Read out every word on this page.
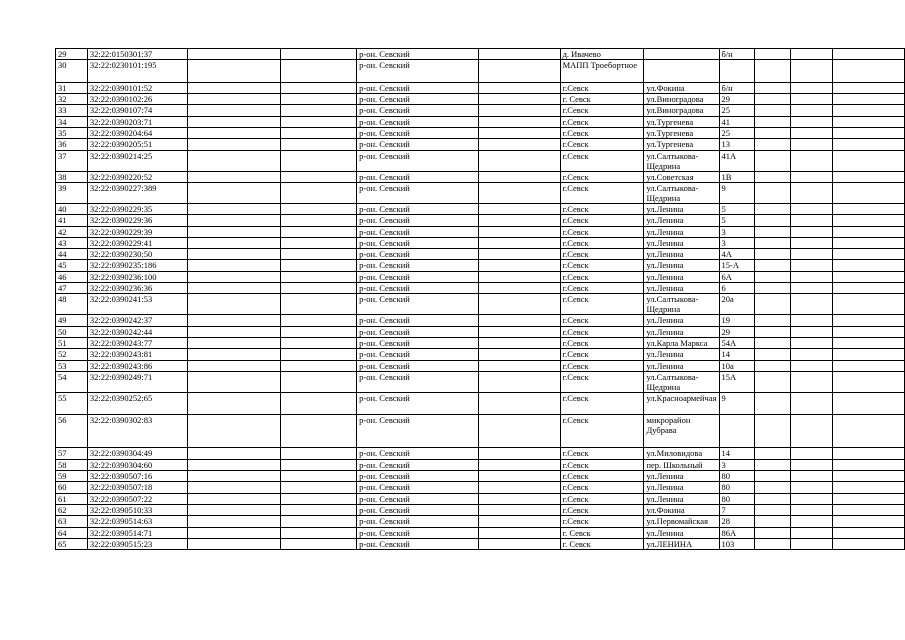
29	32:22:0150301:37			р-он. Севский		д. Ивачево		б/н			
30	32:22:0230101:195			р-он. Севский		МАПП Троебортное					
31	32:22:0390101:52			р-он. Севский		г.Севск	ул.Фокина	б/н			
32	32:22:0390102:26			р-он. Севский		г. Севск	ул.Виноградова	29			
33	32:22:0390107:74			р-он. Севский		г.Севск	ул.Виноградова	25			
34	32:22:0390203:71			р-он. Севский		г.Севск	ул.Тургенева	41			
35	32:22:0390204:64			р-он. Севский		г.Севск	ул.Тургенева	25			
36	32:22:0390205:51			р-он. Севский		г.Севск	ул.Тургенева	13			
37	32:22:0390214:25			р-он. Севский		г.Севск	ул.Салтыкова-Щедрина	41А			
38	32:22:0390220:52			р-он. Севский		г.Севск	ул.Советская	1В			
39	32:22:0390227:389			р-он. Севский		г.Севск	ул.Салтыкова-Щедрина	9			
40	32:22:0390229:35			р-он. Севский		г.Севск	ул.Ленина	5			
41	32:22:0390229:36			р-он. Севский		г.Севск	ул.Ленина	5			
42	32:22:0390229:39			р-он. Севский		г.Севск	ул.Ленина	3			
43	32:22:0390229:41			р-он. Севский		г.Севск	ул.Ленина	3			
44	32:22:0390230:50			р-он. Севский		г.Севск	ул.Ленина	4А			
45	32:22:0390235:186			р-он. Севский		г.Севск	ул.Ленина	15-А			
46	32:22:0390236:100			р-он. Севский		г.Севск	ул.Ленина	6А			
47	32:22:0390236:36			р-он. Севский		г.Севск	ул.Ленина	6			
48	32:22:0390241:53			р-он. Севский		г.Севск	ул.Салтыкова-Щедрина	20а			
49	32:22:0390242:37			р-он. Севский		г.Севск	ул.Ленина	19			
50	32:22:0390242:44			р-он. Севский		г.Севск	ул.Ленина	29			
51	32:22:0390243:77			р-он. Севский		г.Севск	ул.Карла Маркса	54А			
52	32:22:0390243:81			р-он. Севский		г.Севск	ул.Ленина	14			
53	32:22:0390243:86			р-он. Севский		г.Севск	ул.Ленина	10а			
54	32:22:0390249:71			р-он. Севский		г.Севск	ул.Салтыкова-Щедрина	15А			
55	32:22:0390252:65			р-он. Севский		г.Севск	ул.Красноармейчая	9			
56	32:22:0390302:83			р-он. Севский		г.Севск	микрорайон Дубрава				
57	32:22:0390304:49			р-он. Севский		г.Севск	ул.Миловидова	14			
58	32:22:0390304:60			р-он. Севский		г.Севск	пер. Школьный	3			
59	32:22:0390507:16			р-он. Севский		г.Севск	ул.Ленина	80			
60	32:22:0390507:18			р-он. Севский		г.Севск	ул.Ленина	80			
61	32:22:0390507:22			р-он. Севский		г.Севск	ул.Ленина	80			
62	32:22:0390510:33			р-он. Севский		г.Севск	ул.Фокина	7			
63	32:22:0390514:63			р-он. Севский		г.Севск	ул.Первомайская	28			
64	32:22:0390514:71			р-он. Севский		г. Севск	ул.Ленина	86А			
65	32:22:0390515:23			р-он. Севский		г. Севск	ул.ЛЕНИНА	103			
